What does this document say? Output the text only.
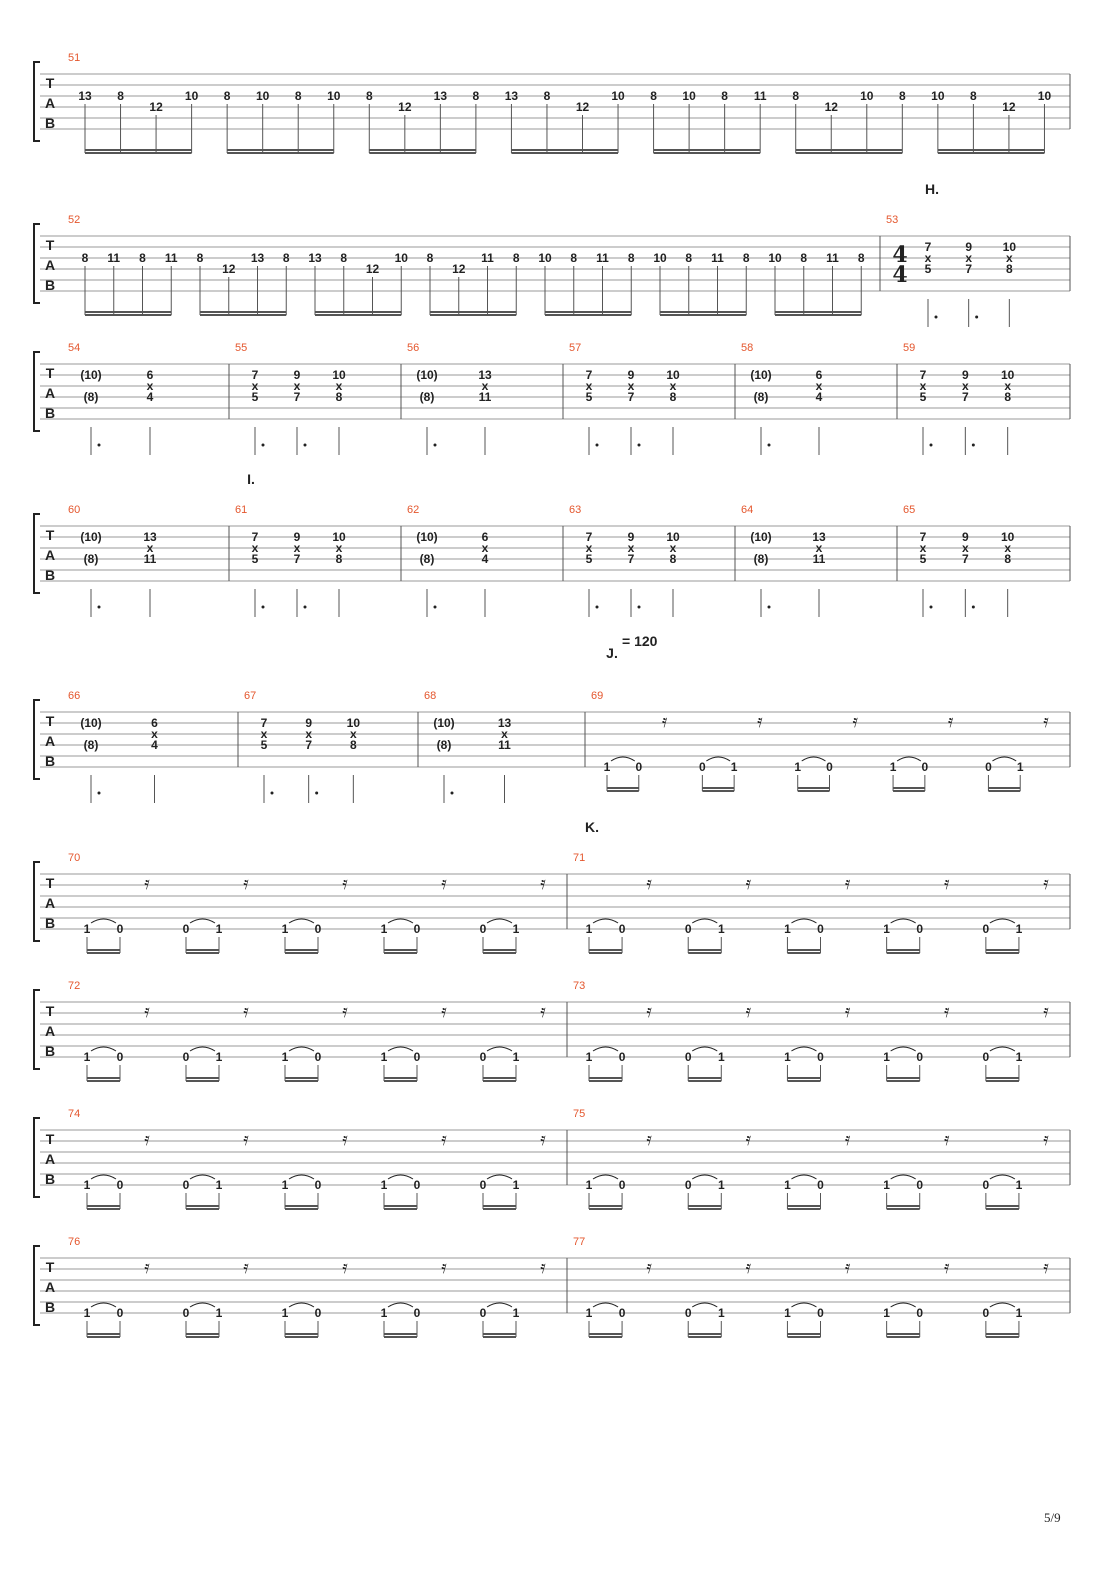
T
A
B
51
13 8
12
10 8 10 8 10 8
12
13 8 13 8
12
10 8 10 8 11 8
12
10 8 10 8
12
10
T
A
B
52
8 11 8 11 8
12
13 8 13 8
12
10 8
12
11 8 10 8 11 8 10 8 11 8 10 8 11 8
53
4
4
7
x
5
9
x
7
10
x
8
T
A
B
54
(10)
(8)
6
x
4
55
7
x
5
9
x
7
10
x
8
56
(10)
(8)
13
x
11
57
7
x
5
9
x
7
10
x
8
58
(10)
(8)
6
x
4
59
7
x
5
9
x
7
10
x
8
T
A
B
60
(10)
(8)
13
x
11
61
7
x
5
9
x
7
10
x
8
62
(10)
(8)
6
x
4
63
7
x
5
9
x
7
10
x
8
64
(10)
(8)
13
x
11
65
7
x
5
9
x
7
10
x
8
T
A
B
66
(10)
(8)
6
x
4
67
7
x
5
9
x
7
10
x
8
68
(10)
(8)
13
x
11
69
1 0	0 1	1 0	1 0	0 1
𝄿	𝄿	𝄿	𝄿	𝄿
T
A
B
70
1 0	0 1	1 0	1 0	0 1
𝄿	𝄿	𝄿	𝄿	𝄿
71
1 0	0 1	1 0	1 0	0 1
𝄿	𝄿	𝄿	𝄿	𝄿
T
A
B
72
1 0	0 1	1 0	1 0	0 1
𝄿	𝄿	𝄿	𝄿	𝄿
73
1 0	0 1	1 0	1 0	0 1
𝄿	𝄿	𝄿	𝄿	𝄿
T
A
B
74
1 0	0 1	1 0	1 0	0 1
𝄿	𝄿	𝄿	𝄿	𝄿
75
1 0	0 1	1 0	1 0	0 1
𝄿	𝄿	𝄿	𝄿	𝄿
T
A
B
76
1 0	0 1	1 0	1 0	0 1
𝄿	𝄿	𝄿	𝄿	𝄿
77
1 0	0 1	1 0	1 0	0 1
𝄿	𝄿	𝄿	𝄿	𝄿
H.
I.
K.
J.
= 120
5/9
